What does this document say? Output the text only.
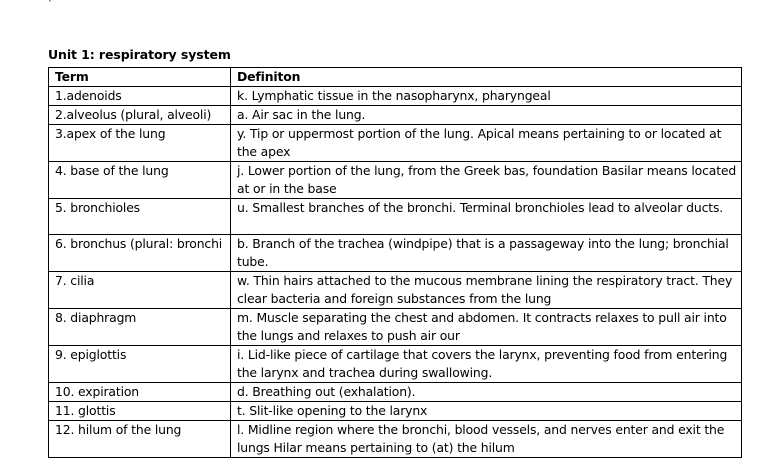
`
Unit 1: respiratory system
Term	Definiton
1.adenoids	k. Lymphatic tissue in the nasopharynx, pharyngeal
2.alveolus (plural, alveoli)	a. Air sac in the lung.
3.apex of the lung	y. Tip or uppermost portion of the lung. Apical means pertaining to or located at the apex
4. base of the lung	j. Lower portion of the lung, from the Greek bas, foundation Basilar means located at or in the base
5. bronchioles	u. Smallest branches of the bronchi. Terminal bronchioles lead to alveolar ducts.
6. bronchus (plural: bronchi	b. Branch of the trachea (windpipe) that is a passageway into the lung; bronchial tube.
7. cilia	w. Thin hairs attached to the mucous membrane lining the respiratory tract. They clear bacteria and foreign substances from the lung
8. diaphragm	m. Muscle separating the chest and abdomen. It contracts relaxes to pull air into the lungs and relaxes to push air our
9. epiglottis	i. Lid-like piece of cartilage that covers the larynx, preventing food from entering the larynx and trachea during swallowing.
10. expiration	d. Breathing out (exhalation).
11. glottis	t. Slit-like opening to the larynx
12. hilum of the lung	l. Midline region where the bronchi, blood vessels, and nerves enter and exit the lungs Hilar means pertaining to (at) the hilum
